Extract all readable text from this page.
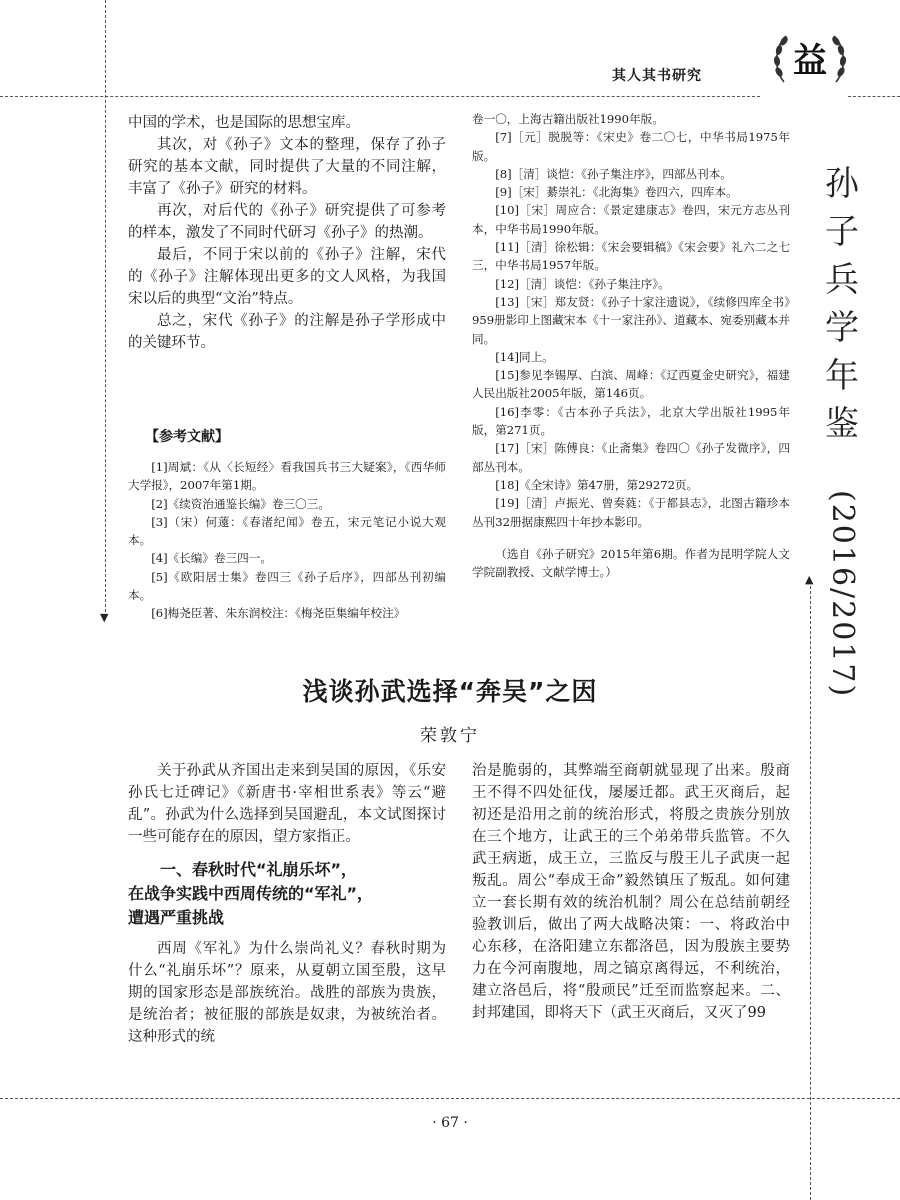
▼
▲
其人其书研究	益
孙
子
兵
学
年
鉴
(2016/2017)

中国的学术，也是国际的思想宝库。

其次，对《孙子》文本的整理，保存了孙子研究的基本文献，同时提供了大量的不同注解，丰富了《孙子》研究的材料。

再次，对后代的《孙子》研究提供了可参考的样本，激发了不同时代研习《孙子》的热潮。

最后，不同于宋以前的《孙子》注解，宋代的《孙子》注解体现出更多的文人风格，为我国宋以后的典型“文治”特点。

总之，宋代《孙子》的注解是孙子学形成中的关键环节。

【参考文献】

[1]周斌：《从〈长短经〉看我国兵书三大疑案》，《西华师大学报》，2007年第1期。

[2]《续资治通鉴长编》卷三〇三。

[3]（宋）何薳：《春渚纪闻》卷五，宋元笔记小说大观本。

[4]《长编》卷三四一。

[5]《欧阳居士集》卷四三《孙子后序》，四部丛刊初编本。

[6]梅尧臣著、朱东润校注：《梅尧臣集编年校注》

卷一〇，上海古籍出版社1990年版。

[7]［元］脱脱等：《宋史》卷二〇七，中华书局1975年版。

[8]［清］谈恺：《孙子集注序》，四部丛刊本。

[9]［宋］綦崇礼：《北海集》卷四六，四库本。

[10]［宋］周应合：《景定建康志》卷四，宋元方志丛刊本，中华书局1990年版。

[11]［清］徐松辑：《宋会要辑稿》《宋会要》礼六二之七三，中华书局1957年版。

[12]［清］谈恺：《孙子集注序》。

[13]［宋］郑友贤：《孙子十家注遗说》，《续修四库全书》959册影印上图藏宋本《十一家注孙》、道藏本、宛委别藏本并同。

[14]同上。

[15]参见李锡厚、白滨、周峰：《辽西夏金史研究》，福建人民出版社2005年版，第146页。

[16]李零：《古本孙子兵法》，北京大学出版社1995年版，第271页。

[17]［宋］陈傅良：《止斋集》卷四〇《孙子发微序》，四部丛刊本。

[18]《全宋诗》第47册，第29272页。

[19]［清］卢振光、曾奏蕤：《于都县志》，北图古籍珍本丛刊32册据康熙四十年抄本影印。

（选自《孙子研究》2015年第6期。作者为昆明学院人文学院副教授、文献学博士。）

浅谈孙武选择“奔吴”之因
荣敦宁

关于孙武从齐国出走来到吴国的原因，《乐安孙氏七迁碑记》《新唐书·宰相世系表》等云“避乱”。孙武为什么选择到吴国避乱，本文试图探讨一些可能存在的原因，望方家指正。

一、春秋时代“礼崩乐坏”，
在战争实践中西周传统的“军礼”，
遭遇严重挑战

西周《军礼》为什么崇尚礼义？春秋时期为什么“礼崩乐坏”？原来，从夏朝立国至殷，这早期的国家形态是部族统治。战胜的部族为贵族，是统治者；被征服的部族是奴隶，为被统治者。这种形式的统

治是脆弱的，其弊端至商朝就显现了出来。殷商王不得不四处征伐，屡屡迁都。武王灭商后，起初还是沿用之前的统治形式，将殷之贵族分别放在三个地方，让武王的三个弟弟带兵监管。不久武王病逝，成王立，三监反与殷王儿子武庚一起叛乱。周公“奉成王命”毅然镇压了叛乱。如何建立一套长期有效的统治机制？周公在总结前朝经验教训后，做出了两大战略决策：一、将政治中心东移，在洛阳建立东都洛邑，因为殷族主要势力在今河南腹地，周之镐京离得远，不利统治，建立洛邑后，将“殷顽民”迁至而监察起来。二、封邦建国，即将天下（武王灭商后，又灭了99

· 67 ·
